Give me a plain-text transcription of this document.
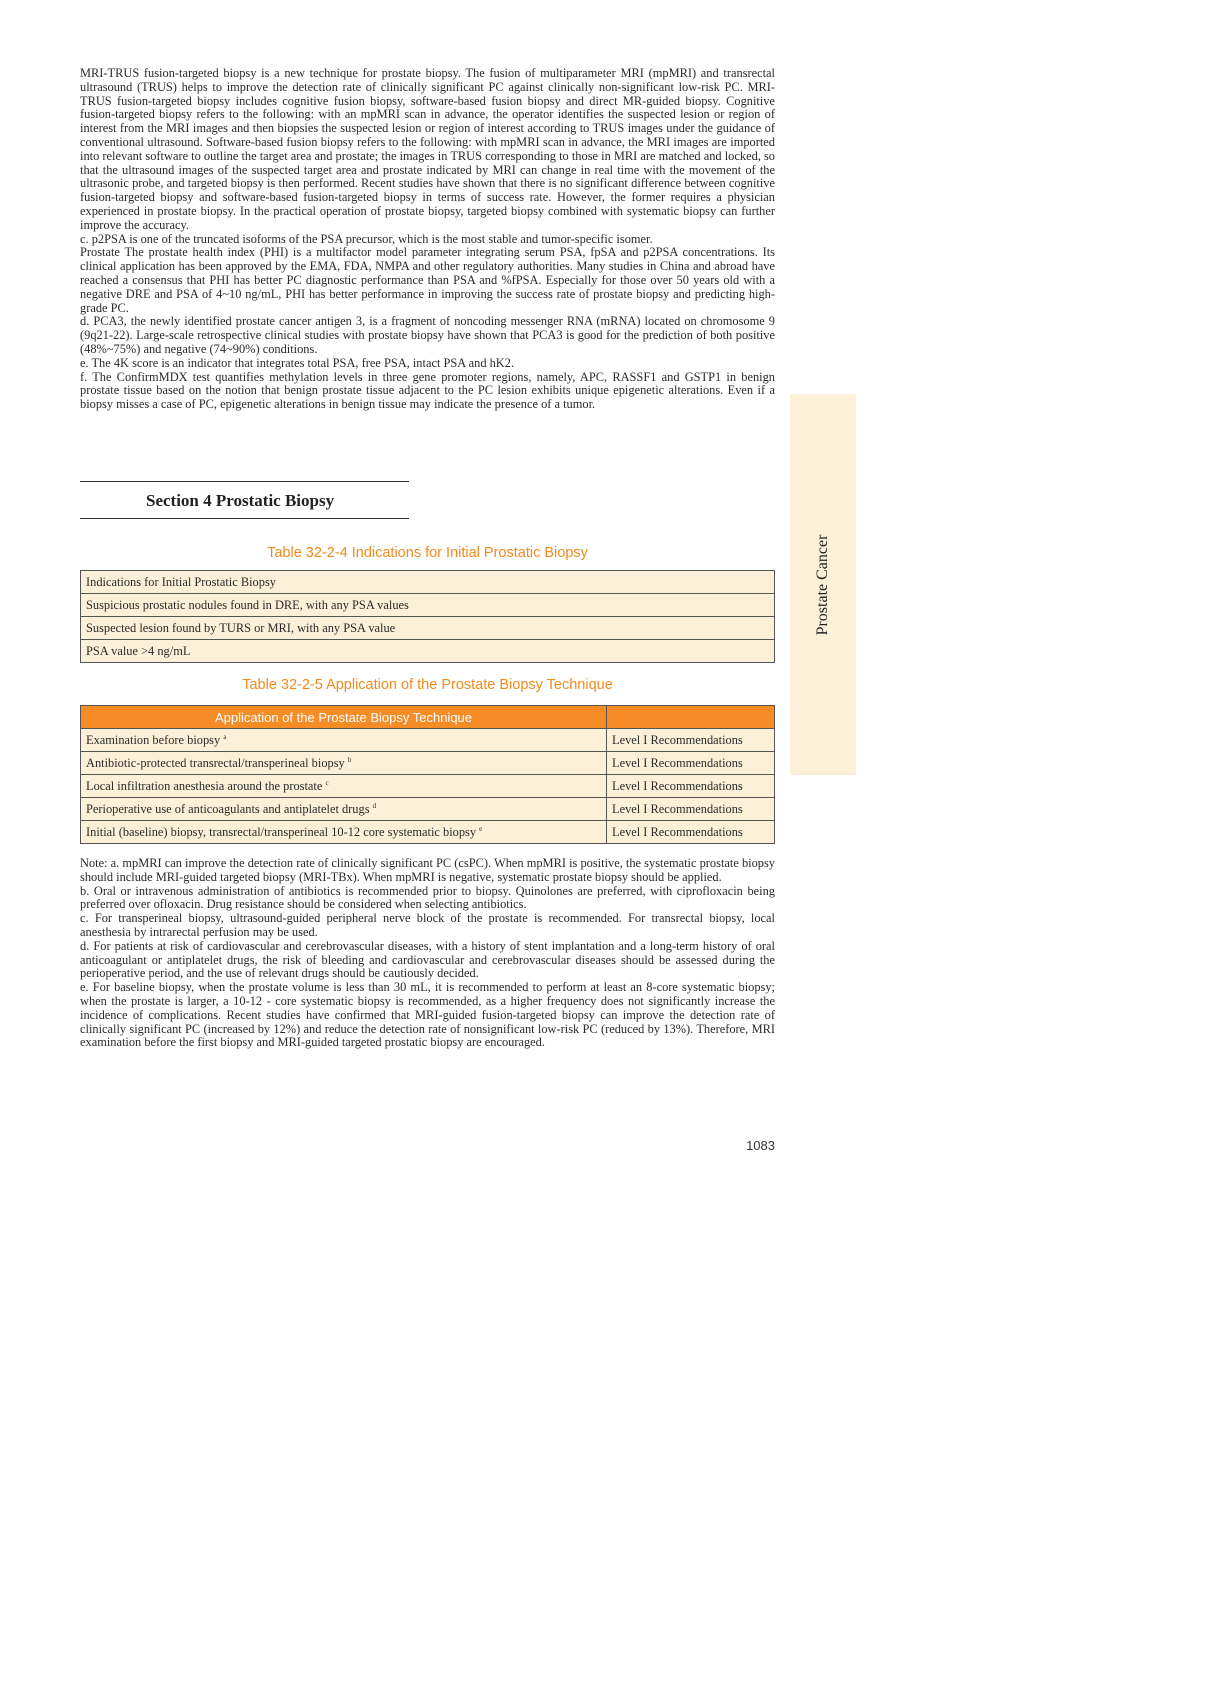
MRI-TRUS fusion-targeted biopsy is a new technique for prostate biopsy. The fusion of multiparameter MRI (mpMRI) and transrectal ultrasound (TRUS) helps to improve the detection rate of clinically significant PC against clinically non-significant low-risk PC. MRI-TRUS fusion-targeted biopsy includes cognitive fusion biopsy, software-based fusion biopsy and direct MR-guided biopsy. Cognitive fusion-targeted biopsy refers to the following: with an mpMRI scan in advance, the operator identifies the suspected lesion or region of interest from the MRI images and then biopsies the suspected lesion or region of interest according to TRUS images under the guidance of conventional ultrasound. Software-based fusion biopsy refers to the following: with mpMRI scan in advance, the MRI images are imported into relevant software to outline the target area and prostate; the images in TRUS corresponding to those in MRI are matched and locked, so that the ultrasound images of the suspected target area and prostate indicated by MRI can change in real time with the movement of the ultrasonic probe, and targeted biopsy is then performed. Recent studies have shown that there is no significant difference between cognitive fusion-targeted biopsy and software-based fusion-targeted biopsy in terms of success rate. However, the former requires a physician experienced in prostate biopsy. In the practical operation of prostate biopsy, targeted biopsy combined with systematic biopsy can further improve the accuracy.

c. p2PSA is one of the truncated isoforms of the PSA precursor, which is the most stable and tumor-specific isomer.

Prostate The prostate health index (PHI) is a multifactor model parameter integrating serum PSA, fpSA and p2PSA concentrations. Its clinical application has been approved by the EMA, FDA, NMPA and other regulatory authorities. Many studies in China and abroad have reached a consensus that PHI has better PC diagnostic performance than PSA and %fPSA. Especially for those over 50 years old with a negative DRE and PSA of 4~10 ng/mL, PHI has better performance in improving the success rate of prostate biopsy and predicting high-grade PC.

d. PCA3, the newly identified prostate cancer antigen 3, is a fragment of noncoding messenger RNA (mRNA) located on chromosome 9 (9q21-22). Large-scale retrospective clinical studies with prostate biopsy have shown that PCA3 is good for the prediction of both positive (48%~75%) and negative (74~90%) conditions.

e. The 4K score is an indicator that integrates total PSA, free PSA, intact PSA and hK2.

f. The ConfirmMDX test quantifies methylation levels in three gene promoter regions, namely, APC, RASSF1 and GSTP1 in benign prostate tissue based on the notion that benign prostate tissue adjacent to the PC lesion exhibits unique epigenetic alterations. Even if a biopsy misses a case of PC, epigenetic alterations in benign tissue may indicate the presence of a tumor.

Section 4 Prostatic Biopsy
Table 32-2-4 Indications for Initial Prostatic Biopsy
Indications for Initial Prostatic Biopsy
Suspicious prostatic nodules found in DRE, with any PSA values
Suspected lesion found by TURS or MRI, with any PSA value
PSA value >4 ng/mL
Table 32-2-5 Application of the Prostate Biopsy Technique
Application of the Prostate Biopsy Technique	
Examination before biopsy $^a$	Level I Recommendations
Antibiotic-protected transrectal/transperineal biopsy $^b$	Level I Recommendations
Local infiltration anesthesia around the prostate $^c$	Level I Recommendations
Perioperative use of anticoagulants and antiplatelet drugs $^d$	Level I Recommendations
Initial (baseline) biopsy, transrectal/transperineal 10-12 core systematic biopsy $^e$	Level I Recommendations

Note: a. mpMRI can improve the detection rate of clinically significant PC (csPC). When mpMRI is positive, the systematic prostate biopsy should include MRI-guided targeted biopsy (MRI-TBx). When mpMRI is negative, systematic prostate biopsy should be applied.

b. Oral or intravenous administration of antibiotics is recommended prior to biopsy. Quinolones are preferred, with ciprofloxacin being preferred over ofloxacin. Drug resistance should be considered when selecting antibiotics.

c. For transperineal biopsy, ultrasound-guided peripheral nerve block of the prostate is recommended. For transrectal biopsy, local anesthesia by intrarectal perfusion may be used.

d. For patients at risk of cardiovascular and cerebrovascular diseases, with a history of stent implantation and a long-term history of oral anticoagulant or antiplatelet drugs, the risk of bleeding and cardiovascular and cerebrovascular diseases should be assessed during the perioperative period, and the use of relevant drugs should be cautiously decided.

e. For baseline biopsy, when the prostate volume is less than 30 mL, it is recommended to perform at least an 8-core systematic biopsy; when the prostate is larger, a 10-12 - core systematic biopsy is recommended, as a higher frequency does not significantly increase the incidence of complications. Recent studies have confirmed that MRI-guided fusion-targeted biopsy can improve the detection rate of clinically significant PC (increased by 12%) and reduce the detection rate of nonsignificant low-risk PC (reduced by 13%). Therefore, MRI examination before the first biopsy and MRI-guided targeted prostatic biopsy are encouraged.

1083
Prostate Cancer
